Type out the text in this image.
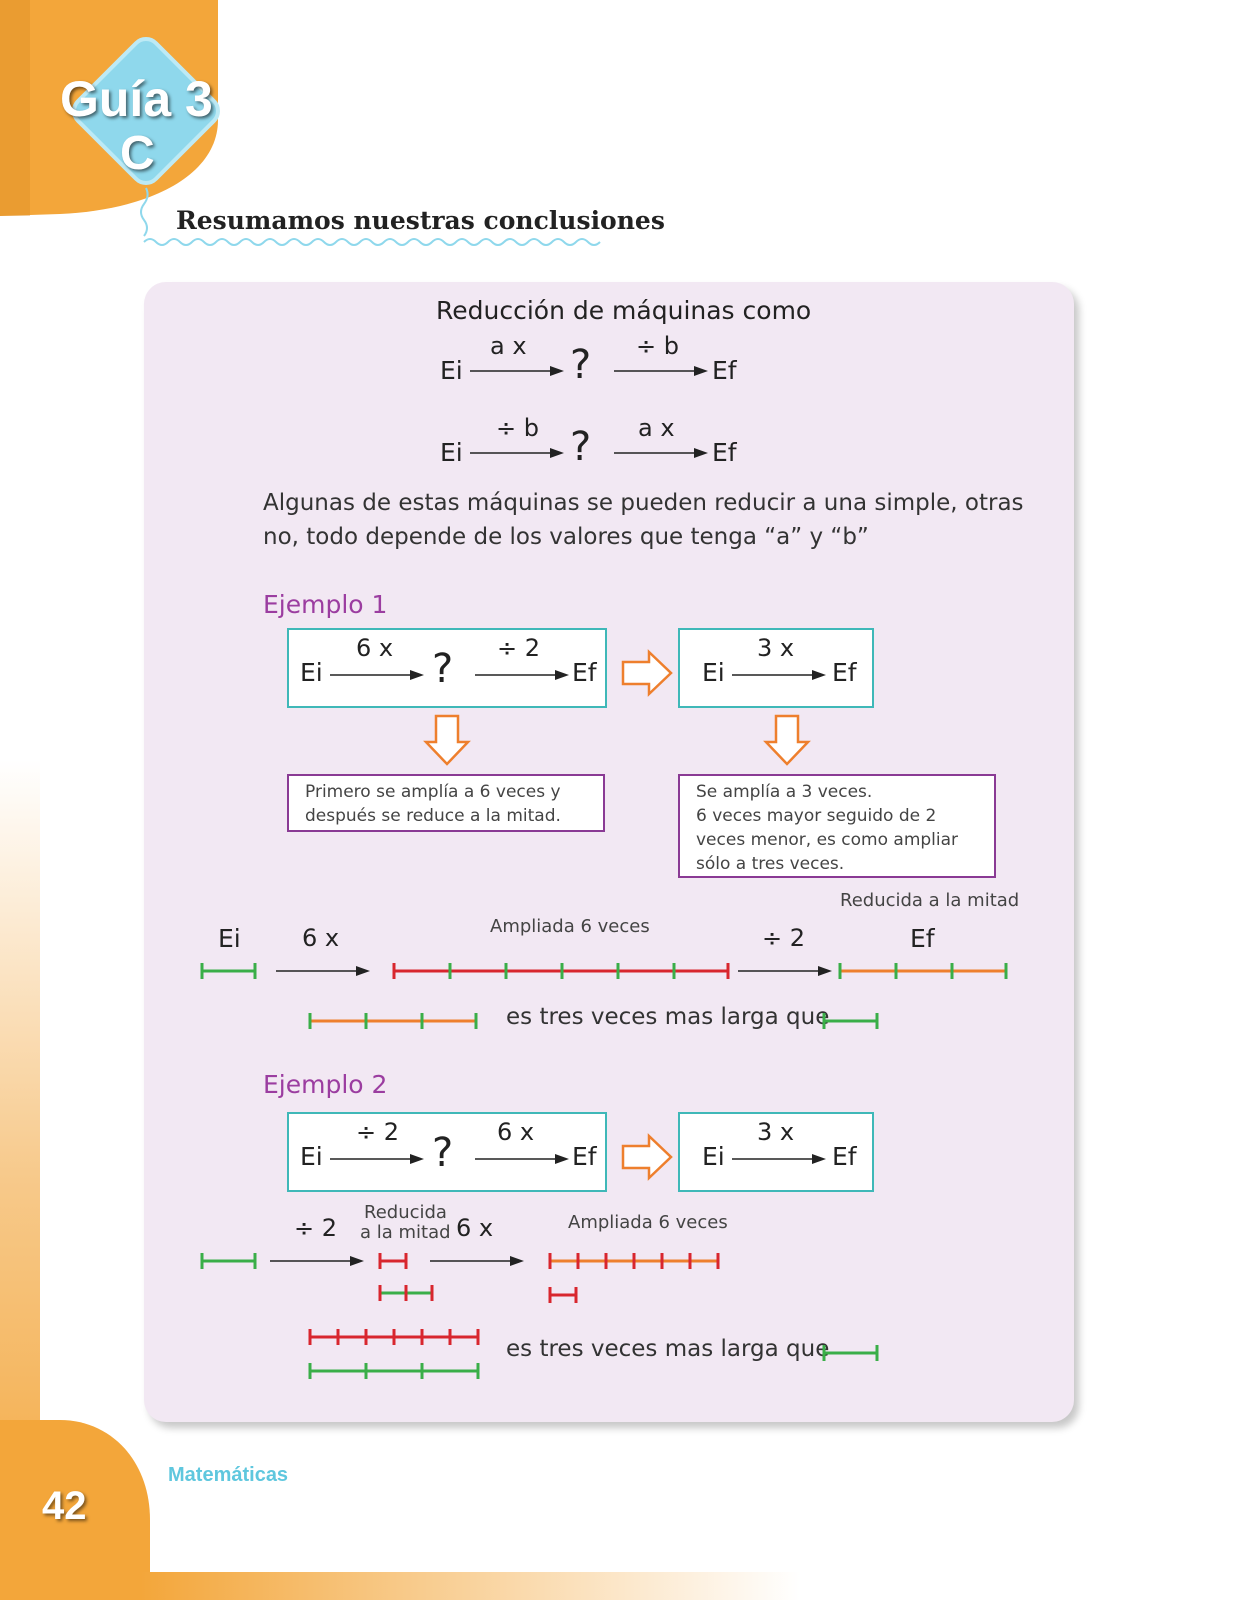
Guía 3
C
Resumamos nuestras conclusiones
Reducción de máquinas como
Ei
a x ? ÷ b
Ef
Ei
÷ b ? a x
Ef
Algunas de estas máquinas se pueden reducir a una simple, otras
no, todo depende de los valores que tenga “a” y “b”
Ejemplo 1
Ei
6 x ? ÷ 2
Ef	Ei
3 x
Ef
Primero se amplía a 6 veces y
después se reduce a la mitad.
Se amplía a 3 veces.
6 veces mayor seguido de 2
veces menor, es como ampliar
sólo a tres veces.
Reducida a la mitad
Ei	6 x	Ampliada 6 veces	÷ 2	Ef
es tres veces mas larga que
Ejemplo 2
Ei
÷ 2 ? 6 x
Ef	Ei
3 x
Ef
÷ 2
Reducida
a la mitad 6 x	Ampliada 6 veces
es tres veces mas larga que
Matemáticas
42
